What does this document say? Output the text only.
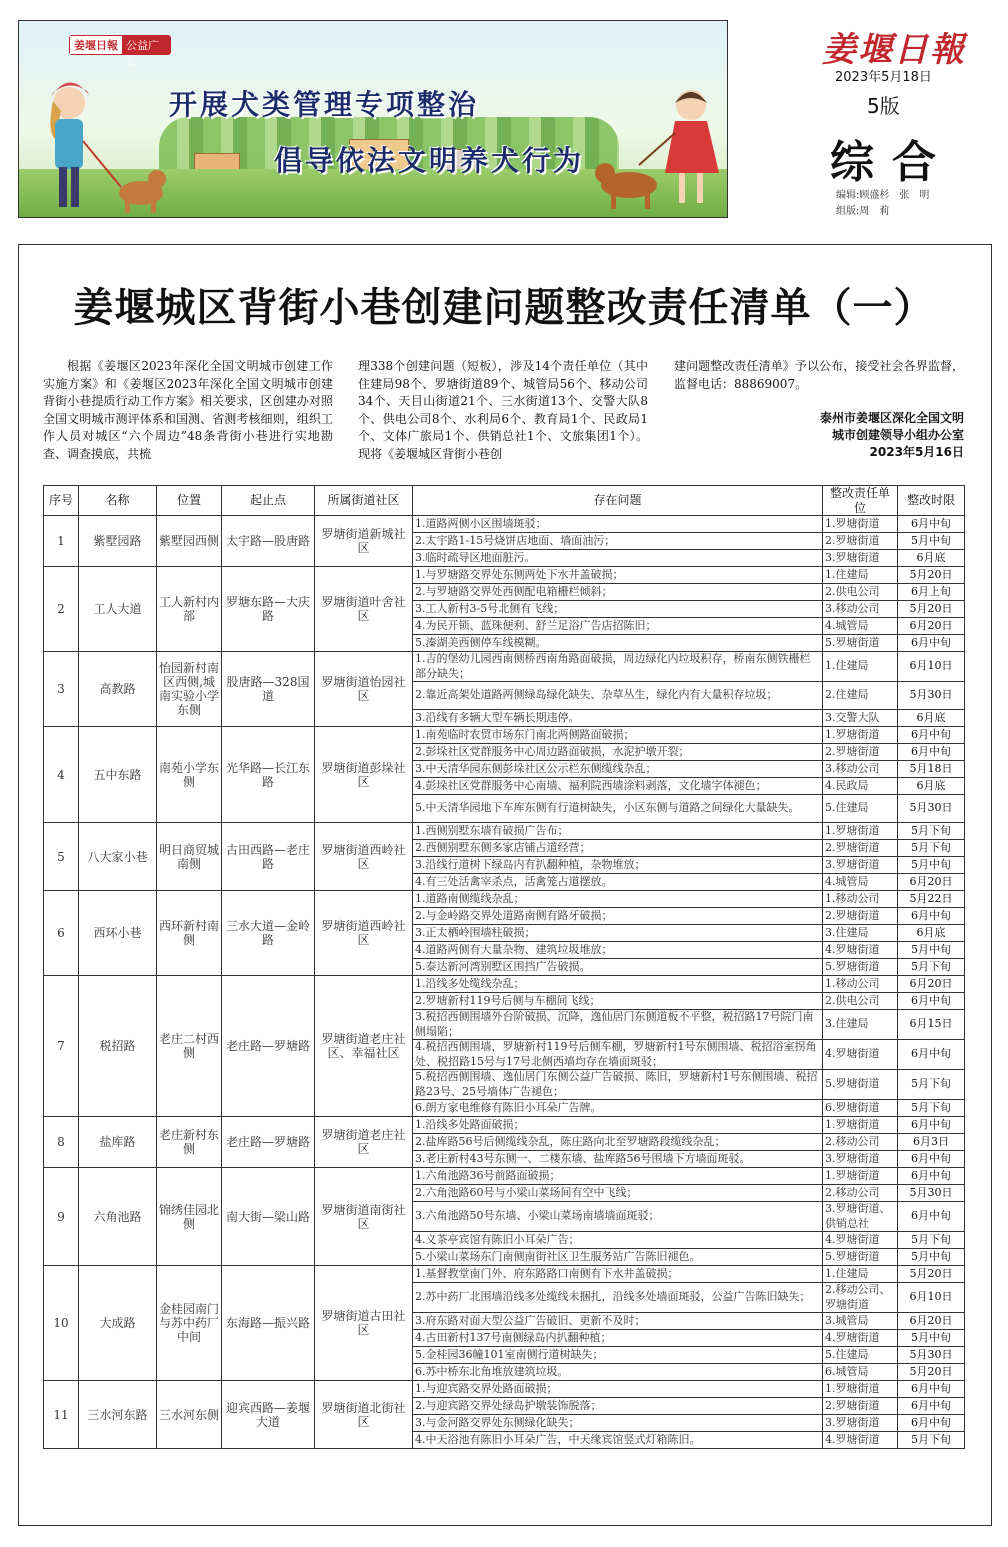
姜堰日報 公益广告
开展犬类管理专项整治
倡导依法文明养犬行为
姜堰日報
2023年5月18日
5版
综合
编辑:顾盛杉　张　明
组版:周　莉
姜堰城区背街小巷创建问题整改责任清单（一）

根据《姜堰区2023年深化全国文明城市创建工作实施方案》和《姜堰区2023年深化全国文明城市创建背街小巷提质行动工作方案》相关要求，区创建办对照全国文明城市测评体系和国测、省测考核细则，组织工作人员对城区“六个周边”48条背街小巷进行实地勘查、调查摸底，共梳

理338个创建问题（短板），涉及14个责任单位（其中住建局98个、罗塘街道89个、城管局56个、移动公司34个、天目山街道21个、三水街道13个、交警大队8个、供电公司8个、水利局6个、教育局1个、民政局1个、文体广旅局1个、供销总社1个、文旅集团1个）。现将《姜堰城区背街小巷创

建问题整改责任清单》予以公布，接受社会各界监督，监督电话：88869007。

泰州市姜堰区深化全国文明
城市创建领导小组办公室
2023年5月16日
序号	名称	位置	起止点	所属街道社区	存在问题	整改责任单位	整改时限
1	紫墅园路	紫墅园西侧	太宇路—股唐路	罗塘街道新城社区	1.道路两侧小区围墙斑驳；	1.罗塘街道	6月中旬
					2.太宇路1-15号烧饼店地面、墙面油污；	2.罗塘街道	5月中旬
					3.临时疏导区地面脏污。	3.罗塘街道	6月底
2	工人大道	工人新村内部	罗塘东路—大庆路	罗塘街道叶舍社区	1.与罗塘路交界处东侧两处下水井盖破损；	1.住建局	5月20日
					2.与罗塘路交界处西侧配电箱栅栏倾斜；	2.供电公司	6月上旬
					3.工人新村3-5号北侧有飞线；	3.移动公司	5月20日
					4.为民开锁、蓝珠便利、舒兰足浴广告店招陈旧；	4.城管局	6月20日
					5.溱湖美西侧停车线模糊。	5.罗塘街道	6月中旬
3	高教路	怡园新村南区西侧,城南实验小学东侧	股唐路—328国道	罗塘街道怡园社区	1.吉的堡幼儿园西南侧桥西南角路面破损，周边绿化内垃圾积存，桥南东侧铁栅栏部分缺失；	1.住建局	6月10日
					2.靠近高架处道路两侧绿岛绿化缺失、杂草丛生，绿化内有大量积存垃圾；	2.住建局	5月30日
					3.沿线有多辆大型车辆长期违停。	3.交警大队	6月底
4	五中东路	南苑小学东侧	光华路—长江东路	罗塘街道彭垛社区	1.南苑临时农贸市场东门南北两侧路面破损；	1.罗塘街道	6月中旬
					2.彭垛社区党群服务中心周边路面破损，水泥护墩开裂；	2.罗塘街道	6月中旬
					3.中天清华园东侧彭垛社区公示栏东侧缆线杂乱；	3.移动公司	5月18日
					4.彭垛社区党群服务中心南墙、福利院西墙涂料剥落，文化墙字体褪色；	4.民政局	6月底
					5.中天清华园地下车库东侧有行道树缺失，小区东侧与道路之间绿化大量缺失。	5.住建局	5月30日
5	八大家小巷	明日商贸城南侧	古田西路—老庄路	罗塘街道西岭社区	1.西侧别墅东墙有破损广告布；	1.罗塘街道	5月下旬
					2.西侧别墅东侧多家店铺占道经营；	2.罗塘街道	5月下旬
					3.沿线行道树下绿岛内有扒翻种植，杂物堆放；	3.罗塘街道	5月中旬
					4.有三处活禽宰杀点，活禽笼占道摆放。	4.城管局	6月20日
6	西环小巷	西环新村南侧	三水大道—金岭路	罗塘街道西岭社区	1.道路南侧缆线杂乱；	1.移动公司	5月22日
					2.与金岭路交界处道路南侧有路牙破损；	2.罗塘街道	6月中旬
					3.正太栖岭围墙柱破损；	3.住建局	6月底
					4.道路两侧有大量杂物、建筑垃圾堆放；	4.罗塘街道	5月中旬
					5.泰达新河湾别墅区围挡广告破损。	5.罗塘街道	5月下旬
7	税招路	老庄二村西侧	老庄路—罗塘路	罗塘街道老庄社区、幸福社区	1.沿线多处缆线杂乱；	1.移动公司	6月20日
					2.罗塘新村119号后侧与车棚间飞线；	2.供电公司	6月中旬
					3.税招西侧围墙外台阶破损、沉降，逸仙居门东侧道板不平整，税招路17号院门南侧塌陷；	3.住建局	6月15日
					4.税招西侧围墙，罗塘新村119号后侧车棚，罗塘新村1号东侧围墙、税招浴室拐角处、税招路15号与17号北侧西墙均存在墙面斑驳；	4.罗塘街道	6月中旬
					5.税招西侧围墙、逸仙居门东侧公益广告破损、陈旧，罗塘新村1号东侧围墙、税招路23号、25号墙体广告褪色；	5.罗塘街道	5月下旬
					6.朗方家电维修有陈旧小耳朵广告牌。	6.罗塘街道	5月下旬
8	盐库路	老庄新村东侧	老庄路—罗塘路	罗塘街道老庄社区	1.沿线多处路面破损；	1.罗塘街道	6月中旬
					2.盐库路56号后侧缆线杂乱，陈庄路向北至罗塘路段缆线杂乱；	2.移动公司	6月3日
					3.老庄新村43号东侧一、二楼东墙、盐库路56号围墙下方墙面斑驳。	3.罗塘街道	6月中旬
9	六角池路	锦绣佳园北侧	南大街—梁山路	罗塘街道南街社区	1.六角池路36号前路面破损；	1.罗塘街道	6月中旬
					2.六角池路60号与小梁山菜场间有空中飞线；	2.移动公司	5月30日
					3.六角池路50号东墙、小梁山菜场南墙墙面斑驳；	3.罗塘街道、供销总社	6月中旬
					4.义茶亭宾馆有陈旧小耳朵广告；	4.罗塘街道	5月下旬
					5.小梁山菜场东门南侧南街社区卫生服务站广告陈旧褪色。	5.罗塘街道	5月中旬
10	大成路	金桂园南门与苏中药厂中间	东海路—振兴路	罗塘街道古田社区	1.基督教堂南门外、府东路路口南侧有下水井盖破损；	1.住建局	5月20日
					2.苏中药厂北围墙沿线多处缆线未捆扎，沿线多处墙面斑驳，公益广告陈旧缺失；	2.移动公司、罗塘街道	6月10日
					3.府东路对面大型公益广告破旧、更新不及时；	3.城管局	6月20日
					4.古田新村137号南侧绿岛内扒翻种植；	4.罗塘街道	5月中旬
					5.金桂园36幢101室南侧行道树缺失；	5.住建局	5月30日
					6.苏中桥东北角堆放建筑垃圾。	6.城管局	5月20日
11	三水河东路	三水河东侧	迎宾西路—姜堰大道	罗塘街道北街社区	1.与迎宾路交界处路面破损；	1.罗塘街道	6月中旬
					2.与迎宾路交界处绿岛护墩装饰脱落；	2.罗塘街道	6月中旬
					3.与金河路交界处东侧绿化缺失；	3.罗塘街道	6月中旬
					4.中天浴池有陈旧小耳朵广告，中天缘宾馆竖式灯箱陈旧。	4.罗塘街道	5月下旬
